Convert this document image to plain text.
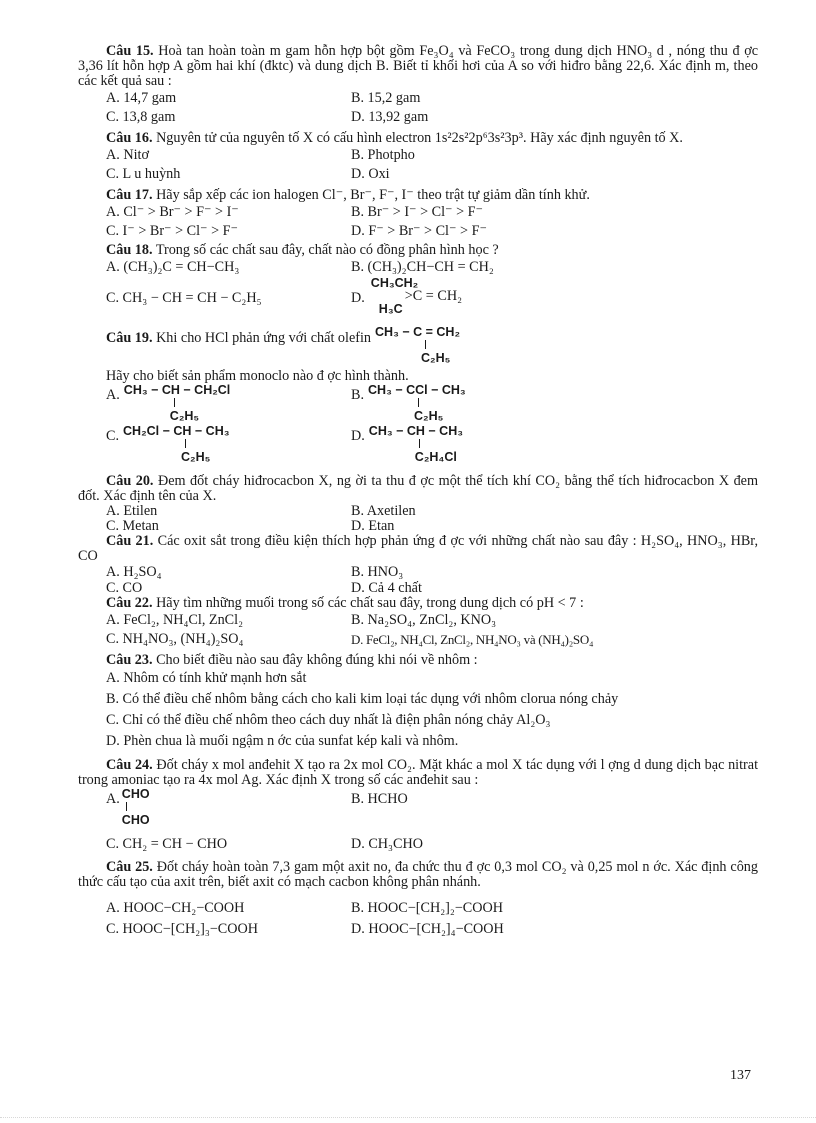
Câu 15. Hoà tan hoàn toàn m gam hỗn hợp bột gồm Fe₃O₄ và FeCO₃ trong dung dịch HNO₃ d , nóng thu đ ợc 3,36 lít hỗn hợp A gồm hai khí (đktc) và dung dịch B. Biết tỉ khối hơi của A so với hiđro bằng 22,6. Xác định m, theo các kết quả sau :

A. 14,7 gam	B. 15,2 gam
C. 13,8 gam	D. 13,92 gam

Câu 16. Nguyên tử của nguyên tố X có cấu hình electron 1s²2s²2p⁶3s²3p³. Hãy xác định nguyên tố X.

A. Nitơ	B. Photpho
C. L u huỳnh	D. Oxi

Câu 17. Hãy sắp xếp các ion halogen Cl⁻, Br⁻, F⁻, I⁻ theo trật tự giảm dần tính khử.

A. Cl⁻ > Br⁻ > F⁻ > I⁻	B. Br⁻ > I⁻ > Cl⁻ > F⁻
C. I⁻ > Br⁻ > Cl⁻ > F⁻	D. F⁻ > Br⁻ > Cl⁻ > F⁻

Câu 18. Trong số các chất sau đây, chất nào có đồng phân hình học ?

A. (CH₃)₂C = CH−CH₃	B. (CH₃)₂CH−CH = CH₂
C. CH₃ − CH = CH − C₂H₅	D.
CH₃CH₂
>C = CH₂
H₃C
Câu 19. Khi cho HCl phản ứng với chất olefin CH₃ − C = CH₂
C₂H₅

Hãy cho biết sản phẩm monoclo nào đ ợc hình thành.

A. CH₃ − CH − CH₂Cl
C₂H₅
B. CH₃ − CCl − CH₃
C₂H₅
C. CH₂Cl − CH − CH₃
C₂H₅
D. CH₃ − CH − CH₃
C₂H₄Cl

Câu 20. Đem đốt cháy hiđrocacbon X, ng ời ta thu đ ợc một thể tích khí CO₂ bằng thể tích hiđrocacbon X đem đốt. Xác định tên của X.

A. Etilen	B. Axetilen
C. Metan	D. Etan

Câu 21. Các oxit sắt trong điều kiện thích hợp phản ứng đ ợc với những chất nào sau đây : H₂SO₄, HNO₃, HBr, CO

A. H₂SO₄	B. HNO₃
C. CO	D. Cả 4 chất

Câu 22. Hãy tìm những muối trong số các chất sau đây, trong dung dịch có pH < 7 :

A. FeCl₂, NH₄Cl, ZnCl₂	B. Na₂SO₄, ZnCl₂, KNO₃
C. NH₄NO₃, (NH₄)₂SO₄	D. FeCl₂, NH₄Cl, ZnCl₂, NH₄NO₃ và (NH₄)₂SO₄

Câu 23. Cho biết điều nào sau đây không đúng khi nói về nhôm :

A. Nhôm có tính khử mạnh hơn sắt
B. Có thể điều chế nhôm bằng cách cho kali kim loại tác dụng với nhôm clorua nóng chảy
C. Chỉ có thể điều chế nhôm theo cách duy nhất là điện phân nóng chảy Al₂O₃
D. Phèn chua là muối ngậm n ớc của sunfat kép kali và nhôm.

Câu 24. Đốt cháy x mol anđehit X tạo ra 2x mol CO₂. Mặt khác a mol X tác dụng với l ợng d dung dịch bạc nitrat trong amoniac tạo ra 4x mol Ag. Xác định X trong số các anđehit sau :

A. CHO
CHO
B. HCHO
C. CH₂ = CH − CHO	D. CH₃CHO

Câu 25. Đốt cháy hoàn toàn 7,3 gam một axit no, đa chức thu đ ợc 0,3 mol CO₂ và 0,25 mol n ớc. Xác định công thức cấu tạo của axit trên, biết axit có mạch cacbon không phân nhánh.

A. HOOC−CH₂−COOH	B. HOOC−[CH₂]₂−COOH
C. HOOC−[CH₂]₃−COOH	D. HOOC−[CH₂]₄−COOH
137
